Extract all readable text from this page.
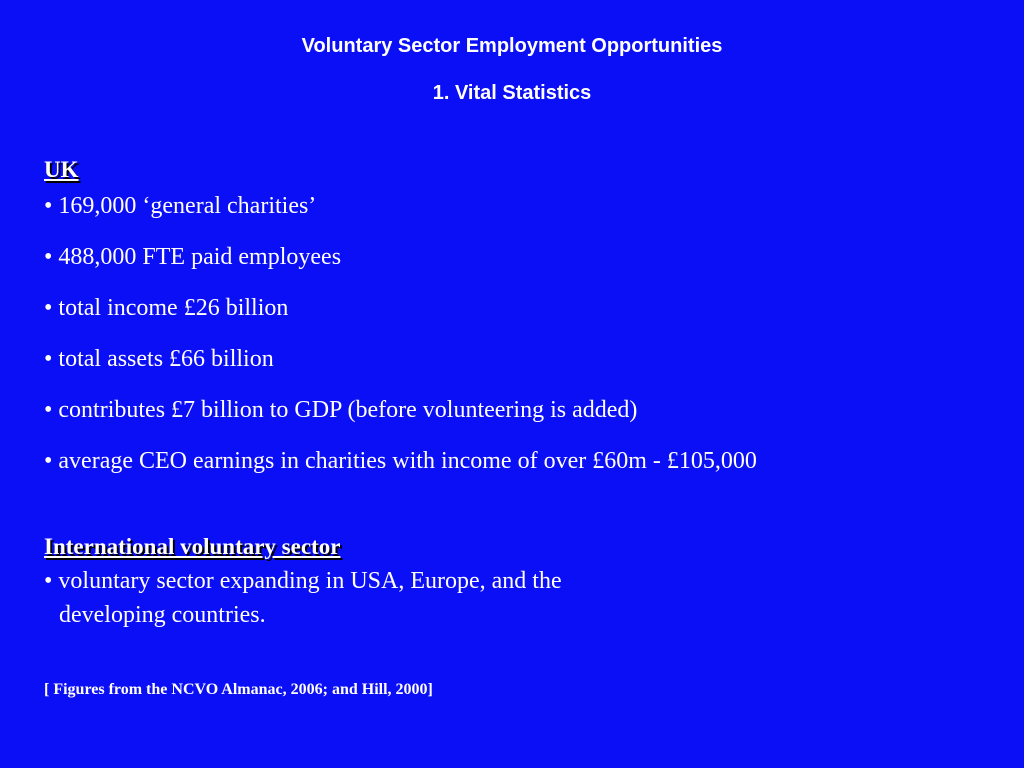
Voluntary Sector Employment Opportunities
1. Vital Statistics
UK
• 169,000 ‘general charities’
• 488,000 FTE paid employees
• total income £26 billion
• total assets £66 billion
• contributes £7 billion to GDP (before volunteering is added)
• average CEO earnings in charities with income of over £60m - £105,000
International voluntary sector
• voluntary sector expanding in USA, Europe, and the
developing countries.
[ Figures from the NCVO Almanac, 2006; and Hill, 2000]
